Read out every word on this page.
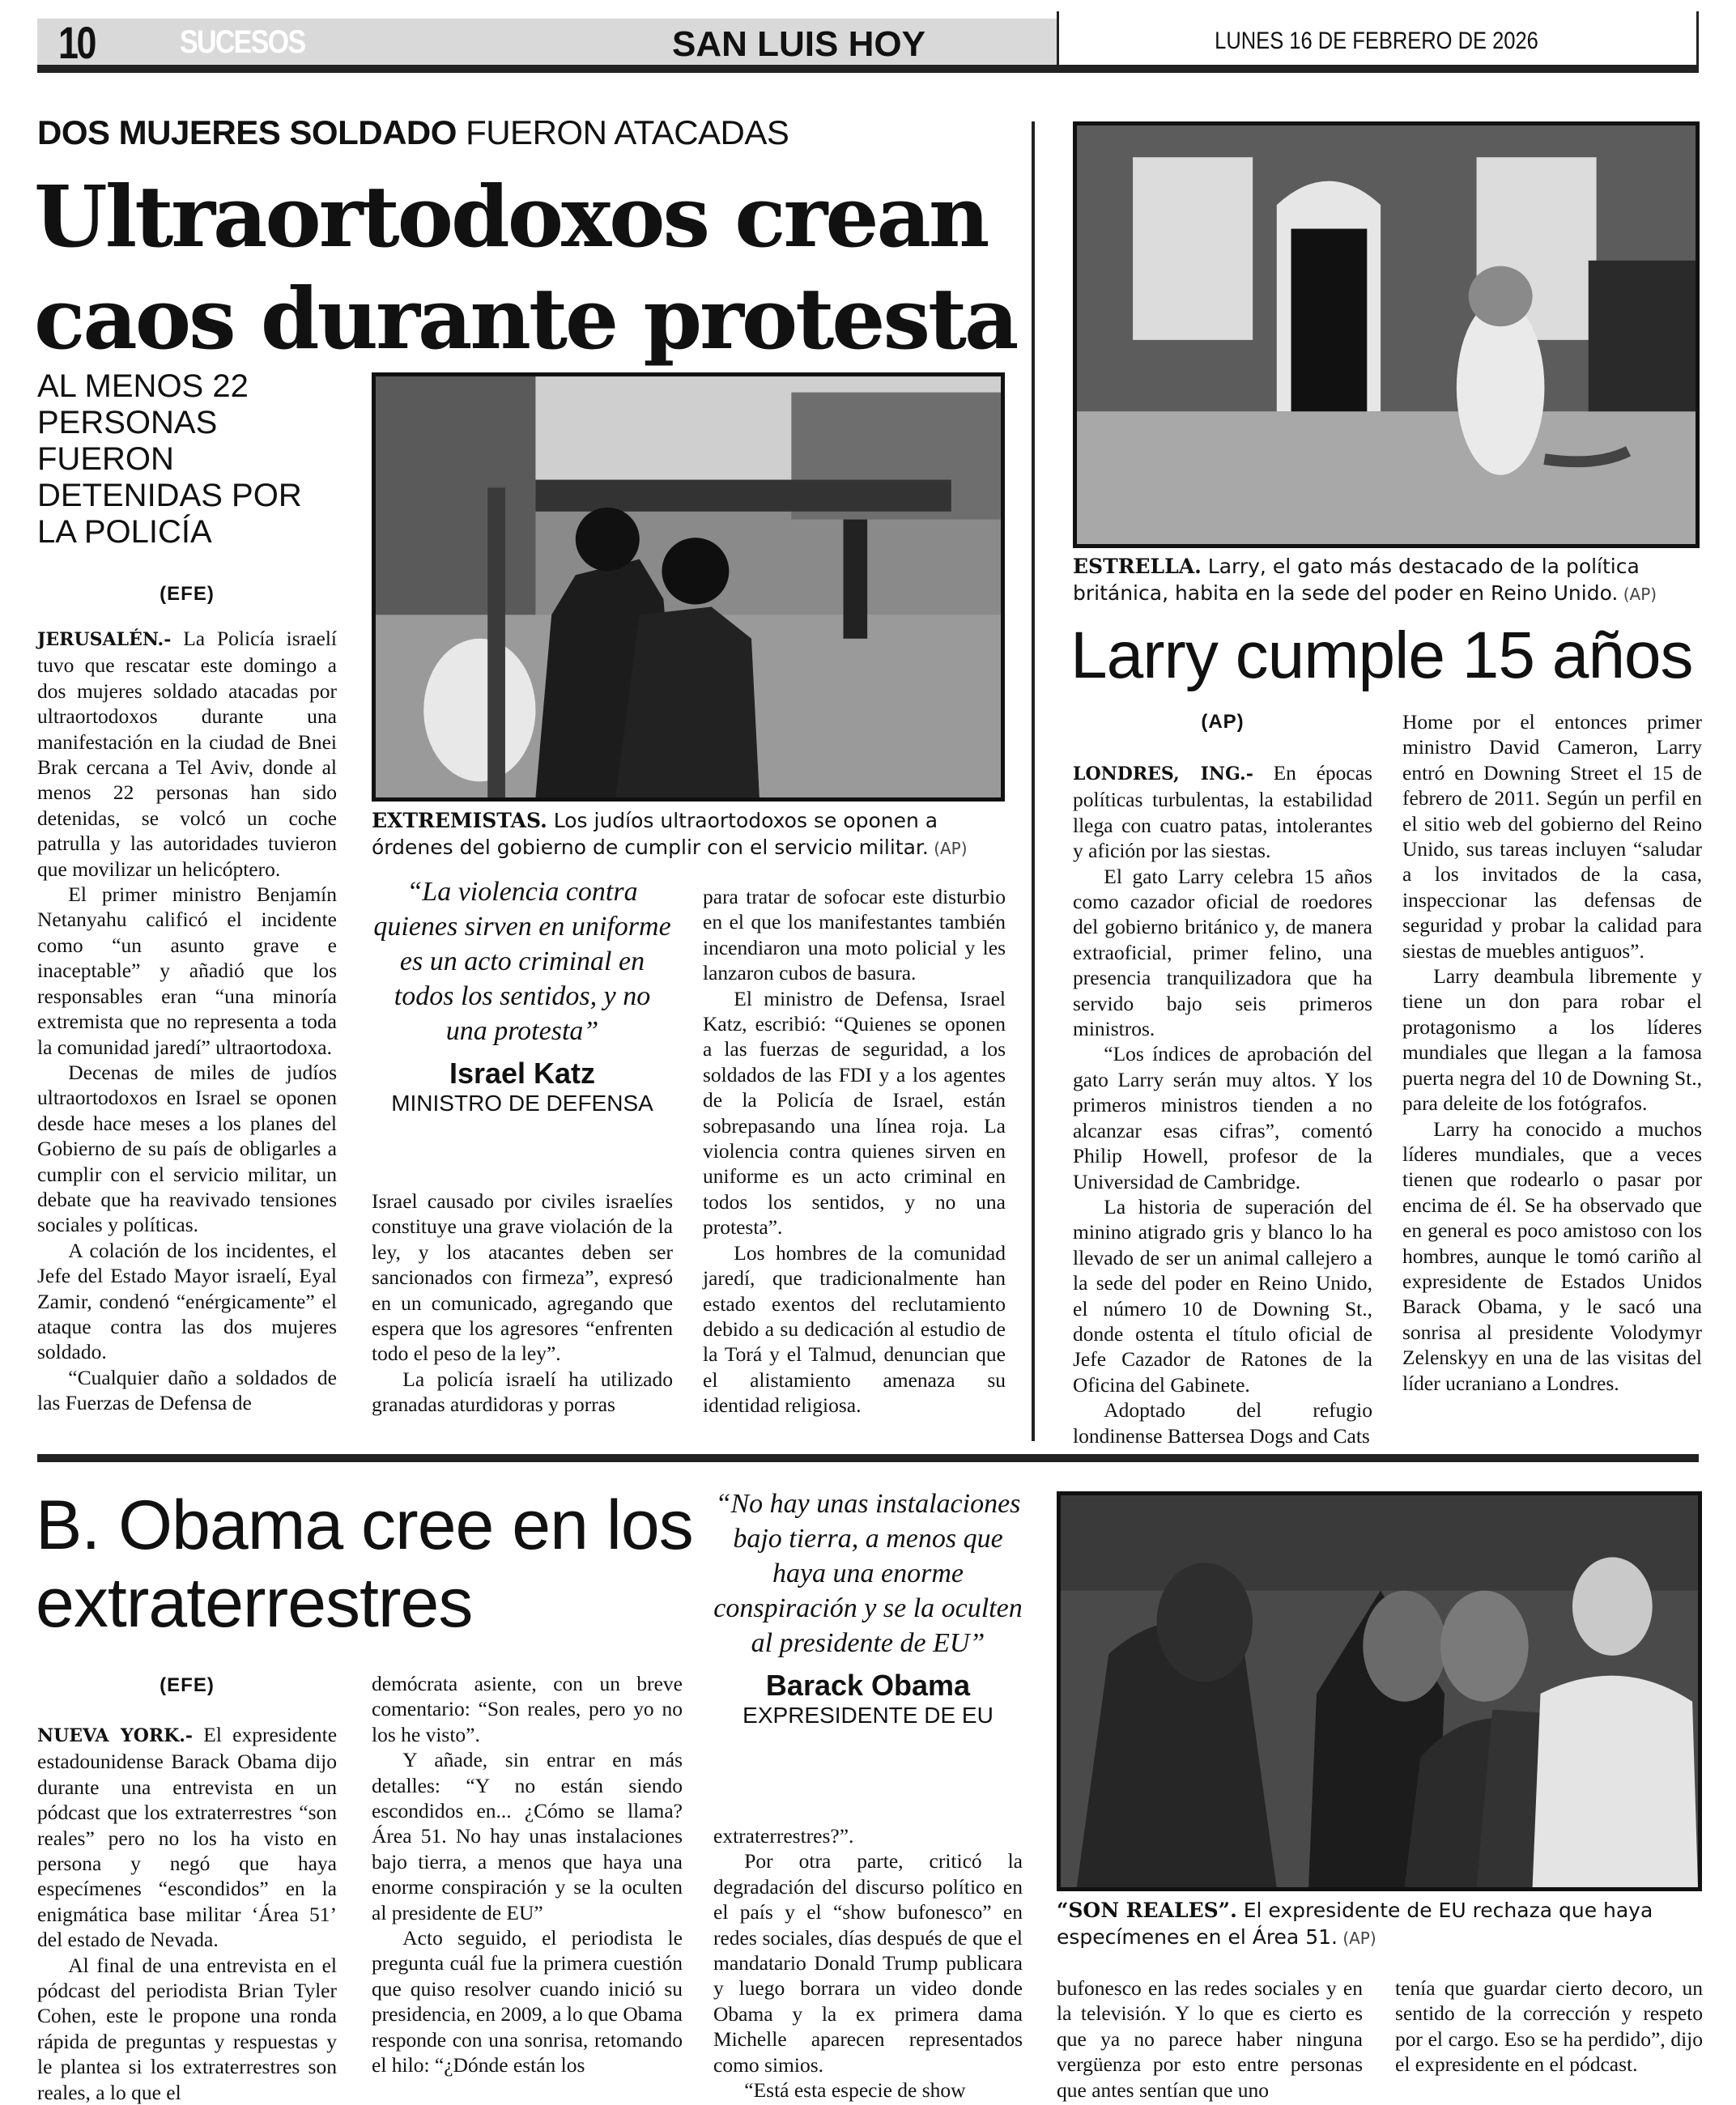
10	SUCESOS	SAN LUIS HOY	LUNES 16 DE FEBRERO DE 2026
DOS MUJERES SOLDADO FUERON ATACADAS
Ultraortodoxos crean caos durante protesta
AL MENOS 22 PERSONAS FUERON DETENIDAS POR LA POLICÍA
(EFE)
EXTREMISTAS. Los judíos ultraortodoxos se oponen a órdenes del gobierno de cumplir con el servicio militar. (AP)
“La violencia contra quienes sirven en uniforme es un acto criminal en todos los sentidos, y no una protesta”
Israel Katz
MINISTRO DE DEFENSA

JERUSALÉN.- La Policía israelí tuvo que rescatar este domingo a dos mujeres soldado atacadas por ultraortodoxos durante una manifestación en la ciudad de Bnei Brak cercana a Tel Aviv, donde al menos 22 personas han sido detenidas, se volcó un coche patrulla y las autoridades tuvieron que movilizar un helicóptero.

El primer ministro Benjamín Netanyahu calificó el incidente como “un asunto grave e inaceptable” y añadió que los responsables eran “una minoría extremista que no representa a toda la comunidad jaredí” ultraortodoxa.

Decenas de miles de judíos ultraortodoxos en Israel se oponen desde hace meses a los planes del Gobierno de su país de obligarles a cumplir con el servicio militar, un debate que ha reavivado tensiones sociales y políticas.

A colación de los incidentes, el Jefe del Estado Mayor israelí, Eyal Zamir, condenó “enérgicamente” el ataque contra las dos mujeres soldado.

“Cualquier daño a soldados de las Fuerzas de Defensa de

Israel causado por civiles israelíes constituye una grave violación de la ley, y los atacantes deben ser sancionados con firmeza”, expresó en un comunicado, agregando que espera que los agresores “enfrenten todo el peso de la ley”.

La policía israelí ha utilizado granadas aturdidoras y porras

para tratar de sofocar este disturbio en el que los manifestantes también incendiaron una moto policial y les lanzaron cubos de basura.

El ministro de Defensa, Israel Katz, escribió: “Quienes se oponen a las fuerzas de seguridad, a los soldados de las FDI y a los agentes de la Policía de Israel, están sobrepasando una línea roja. La violencia contra quienes sirven en uniforme es un acto criminal en todos los sentidos, y no una protesta”.

Los hombres de la comunidad jaredí, que tradicionalmente han estado exentos del reclutamiento debido a su dedicación al estudio de la Torá y el Talmud, denuncian que el alistamiento amenaza su identidad religiosa.

ESTRELLA. Larry, el gato más destacado de la política británica, habita en la sede del poder en Reino Unido. (AP)
Larry cumple 15 años
(AP)

LONDRES, ING.- En épocas políticas turbulentas, la estabilidad llega con cuatro patas, intolerantes y afición por las siestas.

El gato Larry celebra 15 años como cazador oficial de roedores del gobierno británico y, de manera extraoficial, primer felino, una presencia tranquilizadora que ha servido bajo seis primeros ministros.

“Los índices de aprobación del gato Larry serán muy altos. Y los primeros ministros tienden a no alcanzar esas cifras”, comentó Philip Howell, profesor de la Universidad de Cambridge.

La historia de superación del minino atigrado gris y blanco lo ha llevado de ser un animal callejero a la sede del poder en Reino Unido, el número 10 de Downing St., donde ostenta el título oficial de Jefe Cazador de Ratones de la Oficina del Gabinete.

Adoptado del refugio londinense Battersea Dogs and Cats

Home por el entonces primer ministro David Cameron, Larry entró en Downing Street el 15 de febrero de 2011. Según un perfil en el sitio web del gobierno del Reino Unido, sus tareas incluyen “saludar a los invitados de la casa, inspeccionar las defensas de seguridad y probar la calidad para siestas de muebles antiguos”.

Larry deambula libremente y tiene un don para robar el protagonismo a los líderes mundiales que llegan a la famosa puerta negra del 10 de Downing St., para deleite de los fotógrafos.

Larry ha conocido a muchos líderes mundiales, que a veces tienen que rodearlo o pasar por encima de él. Se ha observado que en general es poco amistoso con los hombres, aunque le tomó cariño al expresidente de Estados Unidos Barack Obama, y le sacó una sonrisa al presidente Volodymyr Zelenskyy en una de las visitas del líder ucraniano a Londres.

B. Obama cree en los extraterrestres
(EFE)

NUEVA YORK.- El expresidente estadounidense Barack Obama dijo durante una entrevista en un pódcast que los extraterrestres “son reales” pero no los ha visto en persona y negó que haya especímenes “escondidos” en la enigmática base militar ‘Área 51’ del estado de Nevada.

Al final de una entrevista en el pódcast del periodista Brian Tyler Cohen, este le propone una ronda rápida de preguntas y respuestas y le plantea si los extraterrestres son reales, a lo que el

demócrata asiente, con un breve comentario: “Son reales, pero yo no los he visto”.

Y añade, sin entrar en más detalles: “Y no están siendo escondidos en... ¿Cómo se llama? Área 51. No hay unas instalaciones bajo tierra, a menos que haya una enorme conspiración y se la oculten al presidente de EU”

Acto seguido, el periodista le pregunta cuál fue la primera cuestión que quiso resolver cuando inició su presidencia, en 2009, a lo que Obama responde con una sonrisa, retomando el hilo: “¿Dónde están los

“No hay unas instalaciones bajo tierra, a menos que haya una enorme conspiración y se la oculten al presidente de EU”
Barack Obama
EXPRESIDENTE DE EU

extraterrestres?”.

Por otra parte, criticó la degradación del discurso político en el país y el “show bufonesco” en redes sociales, días después de que el mandatario Donald Trump publicara y luego borrara un video donde Obama y la ex primera dama Michelle aparecen representados como simios.

“Está esta especie de show

“SON REALES”. El expresidente de EU rechaza que haya especímenes en el Área 51. (AP)

bufonesco en las redes sociales y en la televisión. Y lo que es cierto es que ya no parece haber ninguna vergüenza por esto entre personas que antes sentían que uno

tenía que guardar cierto decoro, un sentido de la corrección y respeto por el cargo. Eso se ha perdido”, dijo el expresidente en el pódcast.
